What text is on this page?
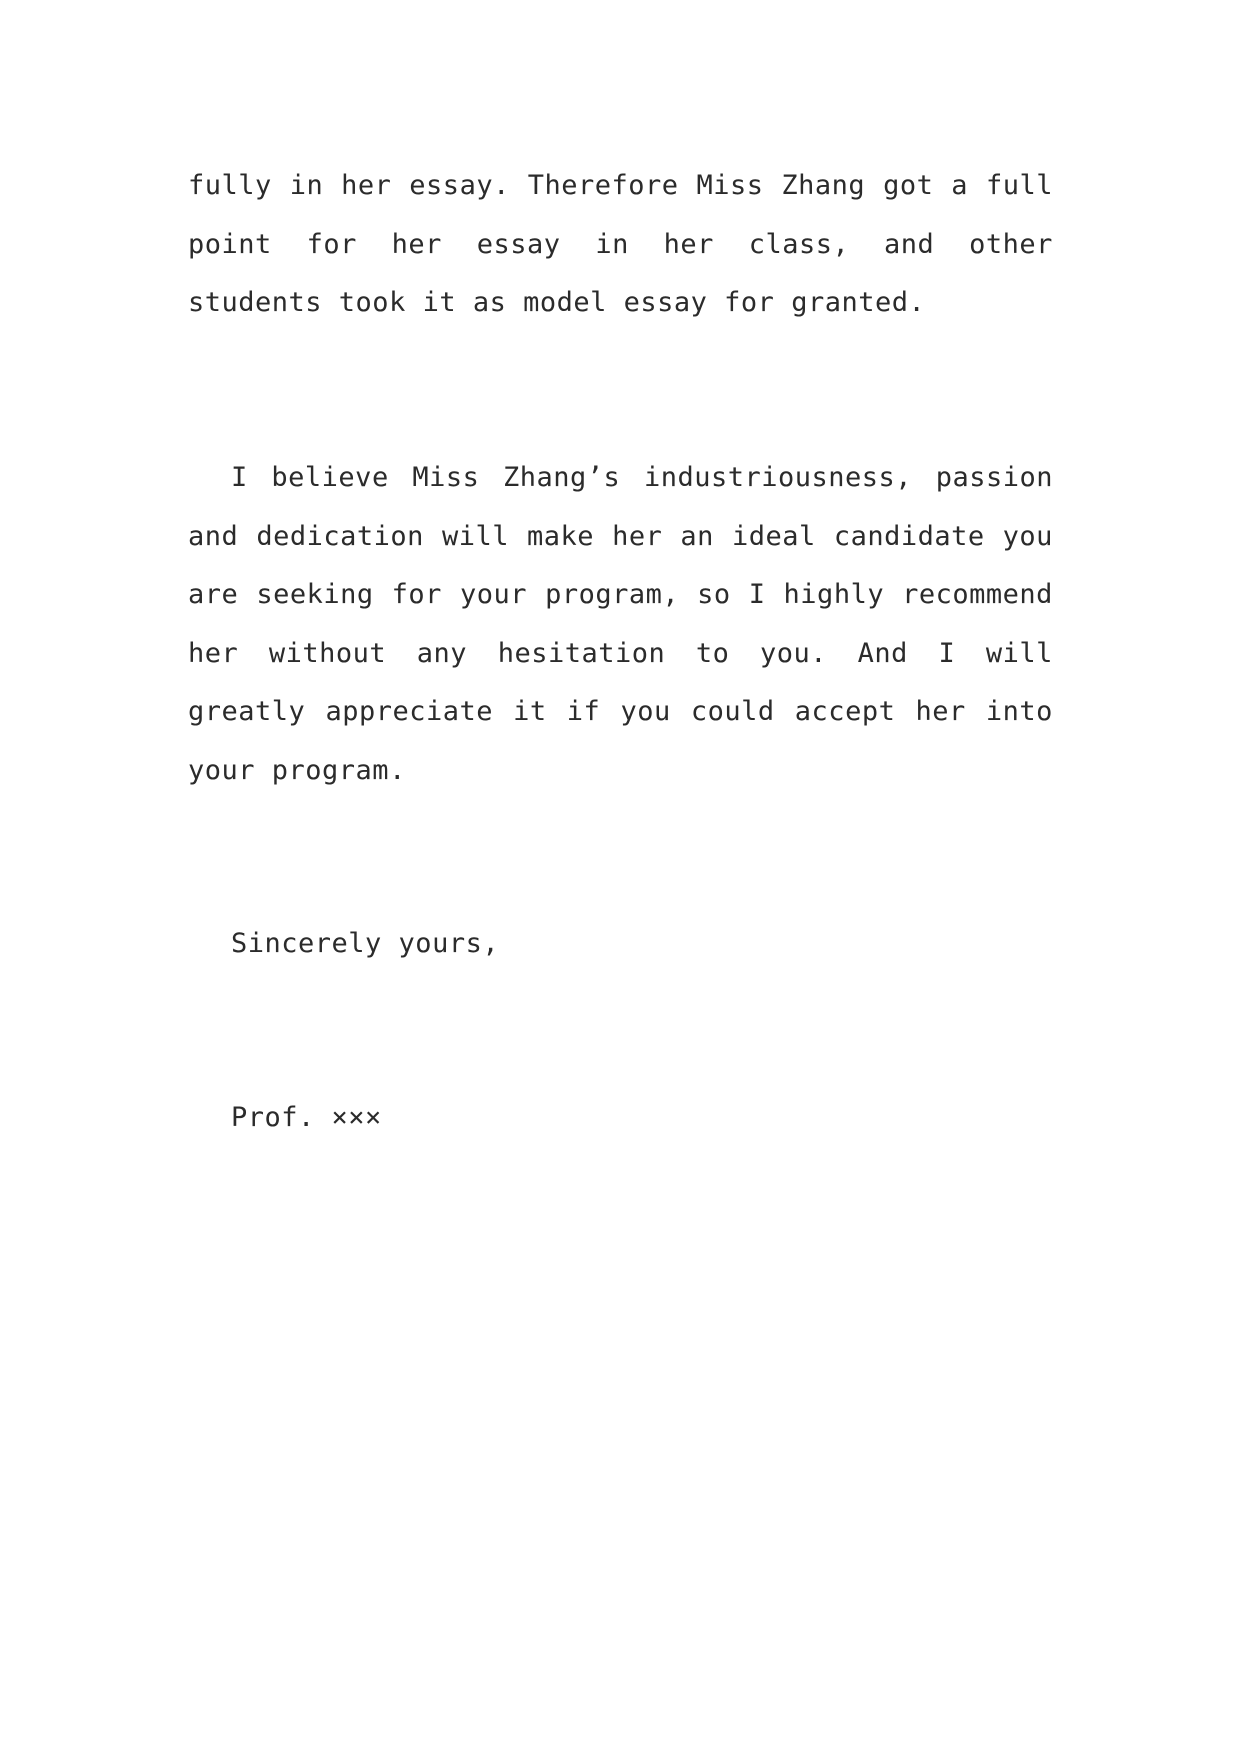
fully in her essay. Therefore Miss Zhang got a full
point for her essay in her class, and other
students took it as model essay for granted.
I believe Miss Zhang’s industriousness, passion
and dedication will make her an ideal candidate you
are seeking for your program, so I highly recommend
her without any hesitation to you. And I will
greatly appreciate it if you could accept her into
your program.
Sincerely yours,
Prof. ×××
